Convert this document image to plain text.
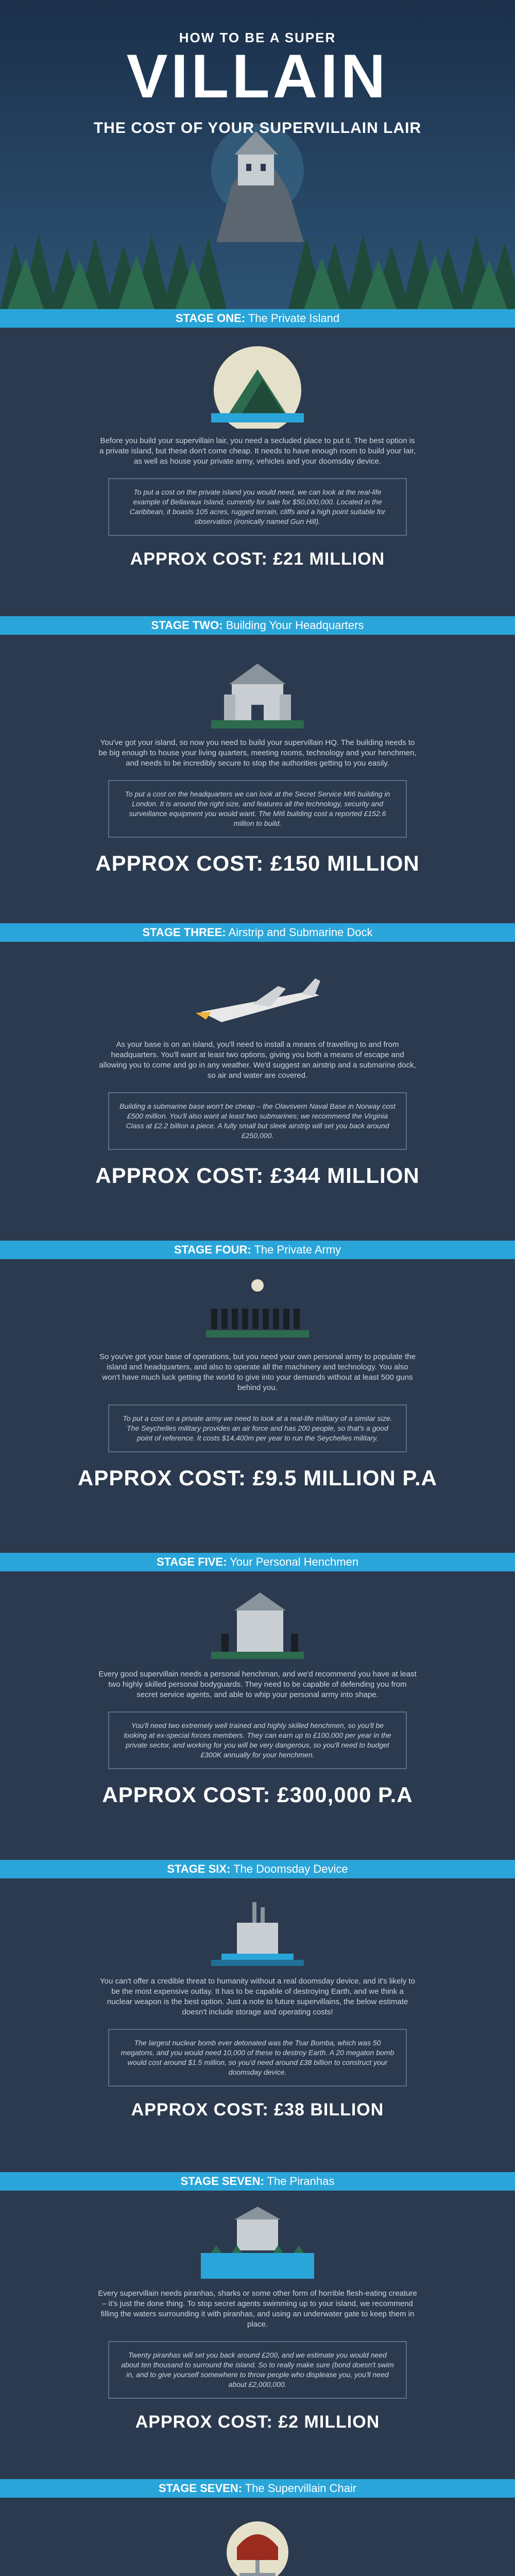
HOW TO BE A SUPER
VILLAIN
THE COST OF YOUR SUPERVILLAIN LAIR
STAGE ONE: The Private Island
Before you build your supervillain lair, you need a secluded place to put it. The best option is a private island, but these don't come cheap. It needs to have enough room to build your lair, as well as house your private army, vehicles and your doomsday device.
To put a cost on the private island you would need, we can look at the real-life example of Bellavaux Island, currently for sale for $50,000,000. Located in the Caribbean, it boasts 105 acres, rugged terrain, cliffs and a high point suitable for observation (ironically named Gun Hill).
APPROX COST: £21 MILLION
STAGE TWO: Building Your Headquarters
You've got your island, so now you need to build your supervillain HQ. The building needs to be big enough to house your living quarters, meeting rooms, technology and your henchmen, and needs to be incredibly secure to stop the authorities getting to you easily.
To put a cost on the headquarters we can look at the Secret Service MI6 building in London. It is around the right size, and features all the technology, security and surveillance equipment you would want. The MI6 building cost a reported £152.6 million to build.
APPROX COST: £150 MILLION
STAGE THREE: Airstrip and Submarine Dock
As your base is on an island, you'll need to install a means of travelling to and from headquarters. You'll want at least two options, giving you both a means of escape and allowing you to come and go in any weather. We'd suggest an airstrip and a submarine dock, so air and water are covered.
Building a submarine base won't be cheap – the Olavsvern Naval Base in Norway cost £500 million. You'll also want at least two submarines; we recommend the Virginia Class at £2.2 billion a piece. A fully small but sleek airstrip will set you back around £250,000.
APPROX COST: £344 MILLION
STAGE FOUR: The Private Army
So you've got your base of operations, but you need your own personal army to populate the island and headquarters, and also to operate all the machinery and technology. You also won't have much luck getting the world to give into your demands without at least 500 guns behind you.
To put a cost on a private army we need to look at a real-life military of a similar size. The Seychelles military provides an air force and has 200 people, so that's a good point of reference. It costs $14,400m per year to run the Seychelles military.
APPROX COST: £9.5 MILLION P.A
STAGE FIVE: Your Personal Henchmen
Every good supervillain needs a personal henchman, and we'd recommend you have at least two highly skilled personal bodyguards. They need to be capable of defending you from secret service agents, and able to whip your personal army into shape.
You'll need two extremely well trained and highly skilled henchmen, so you'll be looking at ex-special forces members. They can earn up to £100,000 per year in the private sector, and working for you will be very dangerous, so you'll need to budget £300K annually for your henchmen.
APPROX COST: £300,000 P.A
STAGE SIX: The Doomsday Device
You can't offer a credible threat to humanity without a real doomsday device, and it's likely to be the most expensive outlay. It has to be capable of destroying Earth, and we think a nuclear weapon is the best option. Just a note to future supervillains, the below estimate doesn't include storage and operating costs!
The largest nuclear bomb ever detonated was the Tsar Bomba, which was 50 megatons, and you would need 10,000 of these to destroy Earth. A 20 megaton bomb would cost around $1.5 million, so you'd need around £38 billion to construct your doomsday device.
APPROX COST: £38 BILLION
STAGE SEVEN: The Piranhas
Every supervillain needs piranhas, sharks or some other form of horrible flesh-eating creature – it's just the done thing. To stop secret agents swimming up to your island, we recommend filling the waters surrounding it with piranhas, and using an underwater gate to keep them in place.
Twenty piranhas will set you back around £200, and we estimate you would need about ten thousand to surround the island. So to really make sure (bond doesn't swim in, and to give yourself somewhere to throw people who displease you, you'll need about £2,000,000.
APPROX COST: £2 MILLION
STAGE SEVEN: The Supervillain Chair
